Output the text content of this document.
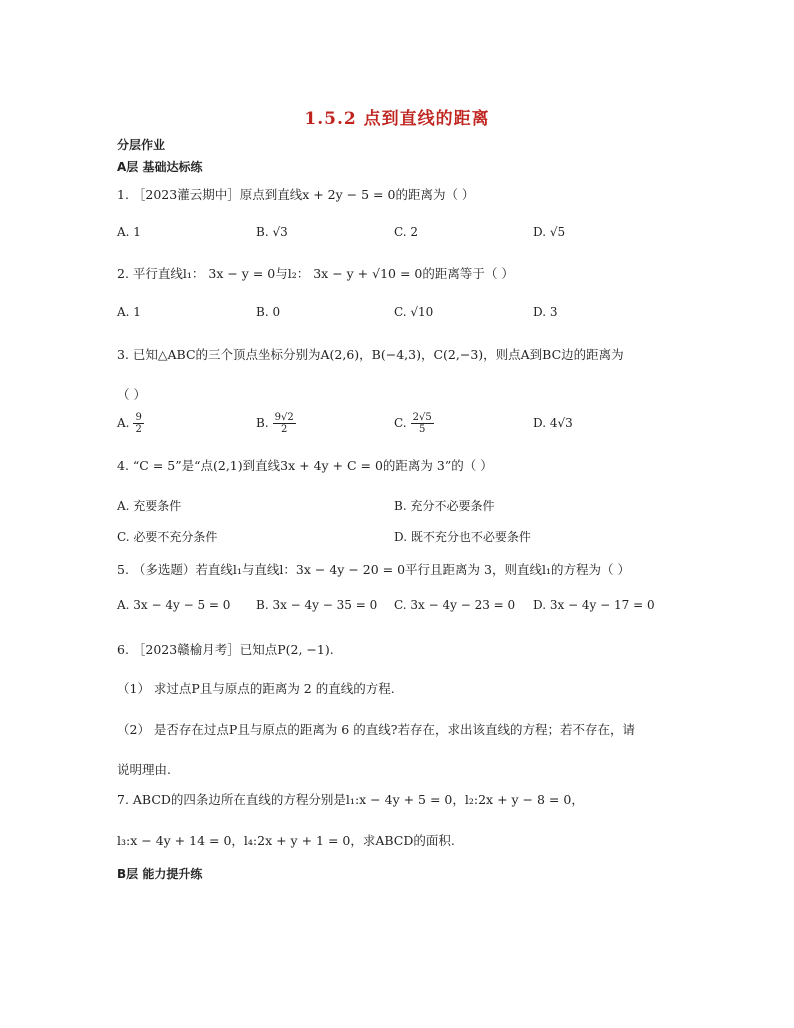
1.5.2 点到直线的距离
分层作业
A层 基础达标练
1. ［2023灌云期中］原点到直线x + 2y − 5 = 0的距离为（ ）
A. 1	B. √3	C. 2	D. √5
2. 平行直线l₁： 3x − y = 0与l₂： 3x − y + √10 = 0的距离等于（ ）
A. 1	B. 0	C. √10	D. 3
3. 已知△ABC的三个顶点坐标分别为A(2,6)，B(−4,3)，C(2,−3)，则点A到BC边的距离为
（ ）
A. $\frac{9}{2}$	B. $\frac{9√2}{2}$	C. $\frac{2√5}{5}$	D. 4√3
4. “C = 5”是“点(2,1)到直线3x + 4y + C = 0的距离为 3”的（ ）
A. 充要条件	B. 充分不必要条件
C. 必要不充分条件	D. 既不充分也不必要条件
5. （多选题）若直线l₁与直线l：3x − 4y − 20 = 0平行且距离为 3，则直线l₁的方程为（ ）
A. 3x − 4y − 5 = 0 B. 3x − 4y − 35 = 0 C. 3x − 4y − 23 = 0 D. 3x − 4y − 17 = 0
6. ［2023赣榆月考］已知点P(2, −1).
（1） 求过点P且与原点的距离为 2 的直线的方程.
（2） 是否存在过点P且与原点的距离为 6 的直线?若存在，求出该直线的方程；若不存在，请
说明理由.
7. ABCD的四条边所在直线的方程分别是l₁:x − 4y + 5 = 0，l₂:2x + y − 8 = 0，
l₃:x − 4y + 14 = 0，l₄:2x + y + 1 = 0，求ABCD的面积.
B层 能力提升练
